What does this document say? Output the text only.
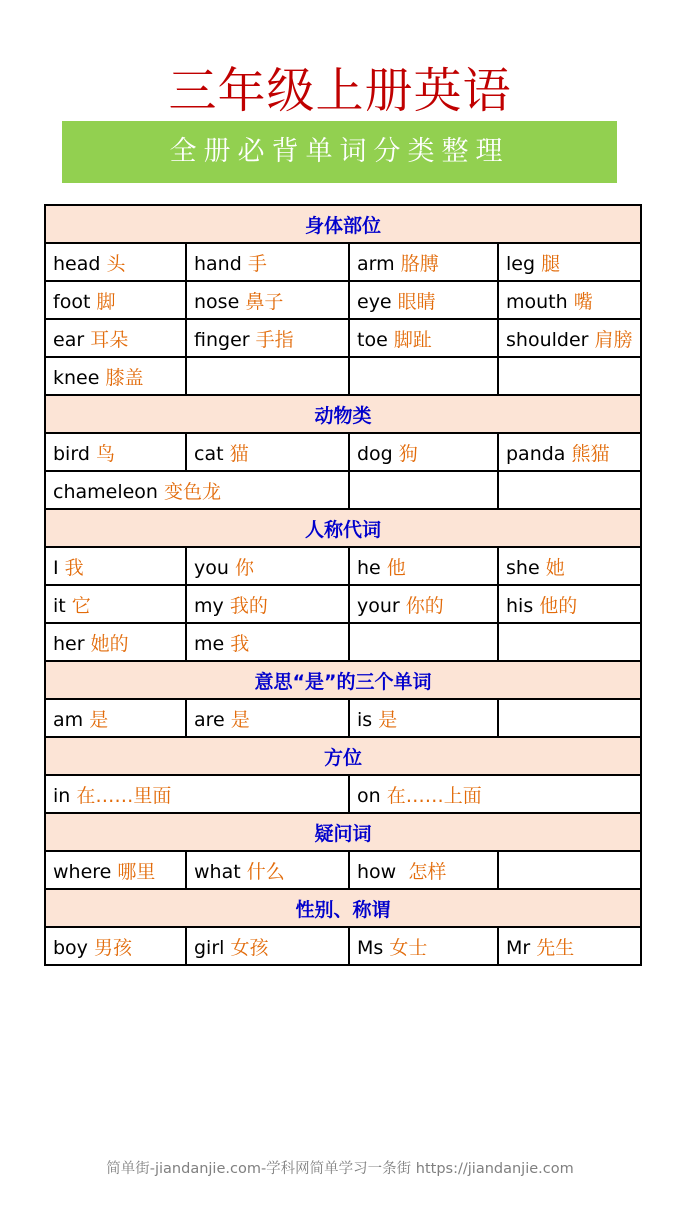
三年级上册英语
全册必背单词分类整理
身体部位			
head 头	hand 手	arm 胳膊	leg 腿
foot 脚	nose 鼻子	eye 眼睛	mouth 嘴
ear 耳朵	finger 手指	toe 脚趾	shoulder 肩膀
knee 膝盖			
动物类			
bird 鸟	cat 猫	dog 狗	panda 熊猫
chameleon 变色龙			
人称代词			
I 我	you 你	he 他	she 她
it 它	my 我的	your 你的	his 他的
her 她的	me 我		
意思“是”的三个单词			
am 是	are 是	is 是	
方位			
in 在……里面		on 在……上面	
疑问词			
where 哪里	what 什么	how 怎样	
性别、称谓			
boy 男孩	girl 女孩	Ms 女士	Mr 先生
简单街-jiandanjie.com-学科网简单学习一条街 https://jiandanjie.com
